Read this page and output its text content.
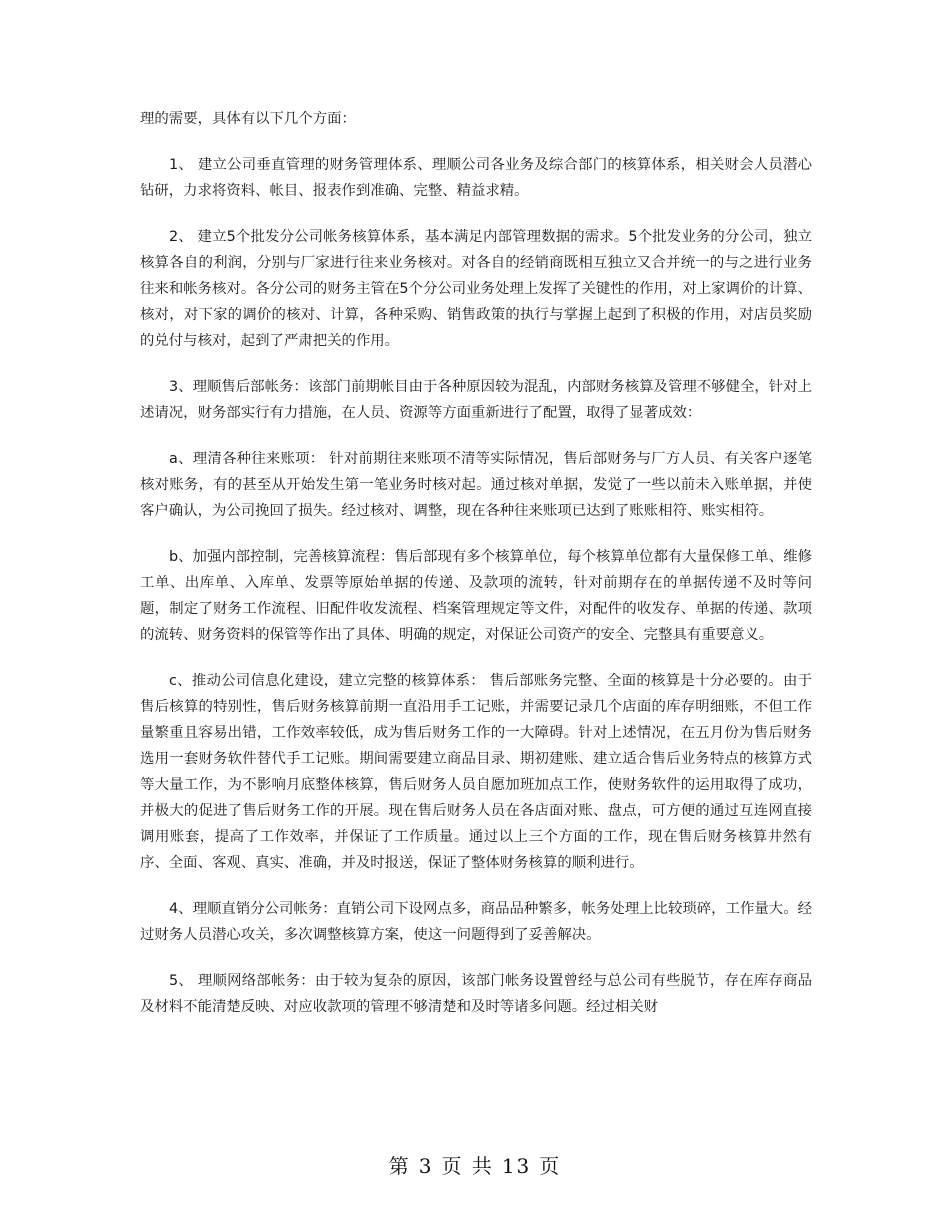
理的需要，具体有以下几个方面：

1、 建立公司垂直管理的财务管理体系、理顺公司各业务及综合部门的核算体系，相关财会人员潜心钻研，力求将资料、帐目、报表作到准确、完整、精益求精。

2、 建立5个批发分公司帐务核算体系，基本满足内部管理数据的需求。5个批发业务的分公司，独立核算各自的利润，分别与厂家进行往来业务核对。对各自的经销商既相互独立又合并统一的与之进行业务往来和帐务核对。各分公司的财务主管在5个分公司业务处理上发挥了关键性的作用，对上家调价的计算、核对，对下家的调价的核对、计算，各种采购、销售政策的执行与掌握上起到了积极的作用，对店员奖励的兑付与核对，起到了严肃把关的作用。

3、理顺售后部帐务：该部门前期帐目由于各种原因较为混乱，内部财务核算及管理不够健全，针对上述请况，财务部实行有力措施，在人员、资源等方面重新进行了配置，取得了显著成效：

a、理清各种往来账项： 针对前期往来账项不清等实际情况，售后部财务与厂方人员、有关客户逐笔核对账务，有的甚至从开始发生第一笔业务时核对起。通过核对单据，发觉了一些以前未入账单据，并使客户确认，为公司挽回了损失。经过核对、调整，现在各种往来账项已达到了账账相符、账实相符。

b、加强内部控制，完善核算流程：售后部现有多个核算单位，每个核算单位都有大量保修工单、维修工单、出库单、入库单、发票等原始单据的传递、及款项的流转，针对前期存在的单据传递不及时等问题，制定了财务工作流程、旧配件收发流程、档案管理规定等文件，对配件的收发存、单据的传递、款项的流转、财务资料的保管等作出了具体、明确的规定，对保证公司资产的安全、完整具有重要意义。

c、推动公司信息化建设，建立完整的核算体系： 售后部账务完整、全面的核算是十分必要的。由于售后核算的特别性，售后财务核算前期一直沿用手工记账，并需要记录几个店面的库存明细账，不但工作量繁重且容易出错，工作效率较低，成为售后财务工作的一大障碍。针对上述情况，在五月份为售后财务选用一套财务软件替代手工记账。期间需要建立商品目录、期初建账、建立适合售后业务特点的核算方式等大量工作，为不影响月底整体核算，售后财务人员自愿加班加点工作，使财务软件的运用取得了成功，并极大的促进了售后财务工作的开展。现在售后财务人员在各店面对账、盘点，可方便的通过互连网直接调用账套，提高了工作效率，并保证了工作质量。通过以上三个方面的工作，现在售后财务核算井然有序、全面、客观、真实、准确，并及时报送，保证了整体财务核算的顺利进行。

4、理顺直销分公司帐务：直销公司下设网点多，商品品种繁多，帐务处理上比较琐碎，工作量大。经过财务人员潜心攻关，多次调整核算方案，使这一问题得到了妥善解决。

5、 理顺网络部帐务：由于较为复杂的原因，该部门帐务设置曾经与总公司有些脱节，存在库存商品及材料不能清楚反映、对应收款项的管理不够清楚和及时等诸多问题。经过相关财

第 3 页 共 13 页
